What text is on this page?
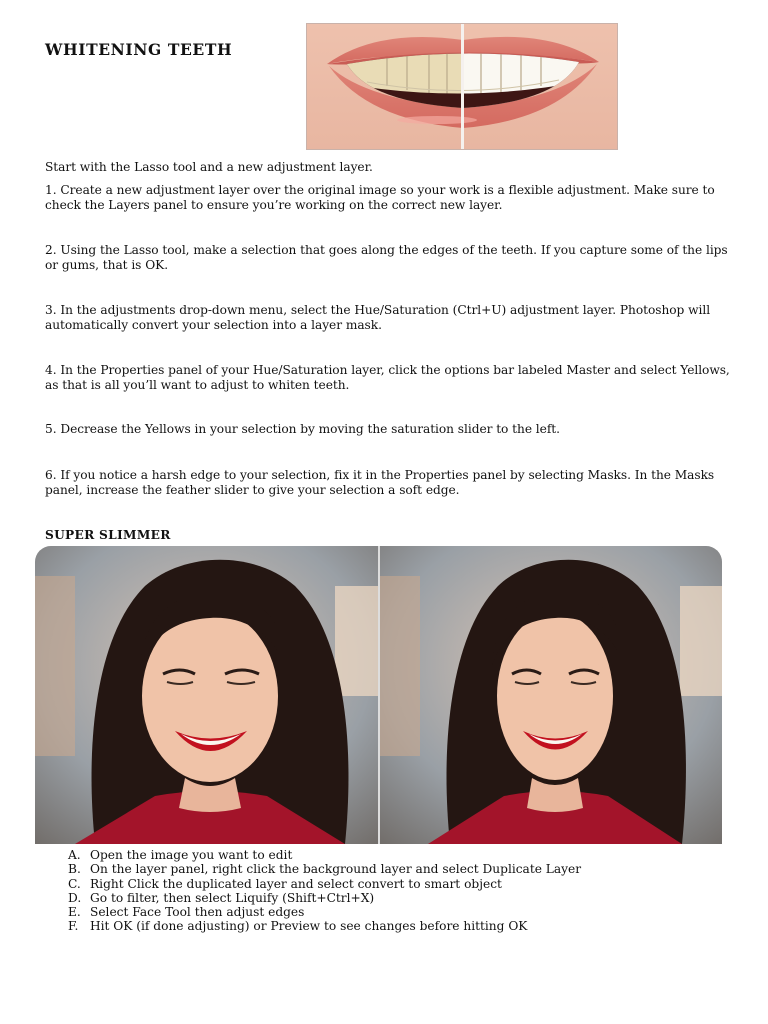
WHITENING TEETH

Start with the Lasso tool and a new adjustment layer.

1. Create a new adjustment layer over the original image so your work is a flexible adjustment. Make sure to check the Layers panel to ensure you’re working on the correct new layer.

2. Using the Lasso tool, make a selection that goes along the edges of the teeth. If you capture some of the lips or gums, that is OK.

3. In the adjustments drop-down menu, select the Hue/Saturation (Ctrl+U) adjustment layer. Photoshop will automatically convert your selection into a layer mask.

4. In the Properties panel of your Hue/Saturation layer, click the options bar labeled Master and select Yellows, as that is all you’ll want to adjust to whiten teeth.

5. Decrease the Yellows in your selection by moving the saturation slider to the left.

6. If you notice a harsh edge to your selection, fix it in the Properties panel by selecting Masks. In the Masks panel, increase the feather slider to give your selection a soft edge.

SUPER SLIMMER
A. Open the image you want to edit
B. On the layer panel, right click the background layer and select Duplicate Layer
C. Right Click the duplicated layer and select convert to smart object
D. Go to filter, then select Liquify (Shift+Ctrl+X)
E. Select Face Tool then adjust edges
F. Hit OK (if done adjusting) or Preview to see changes before hitting OK
